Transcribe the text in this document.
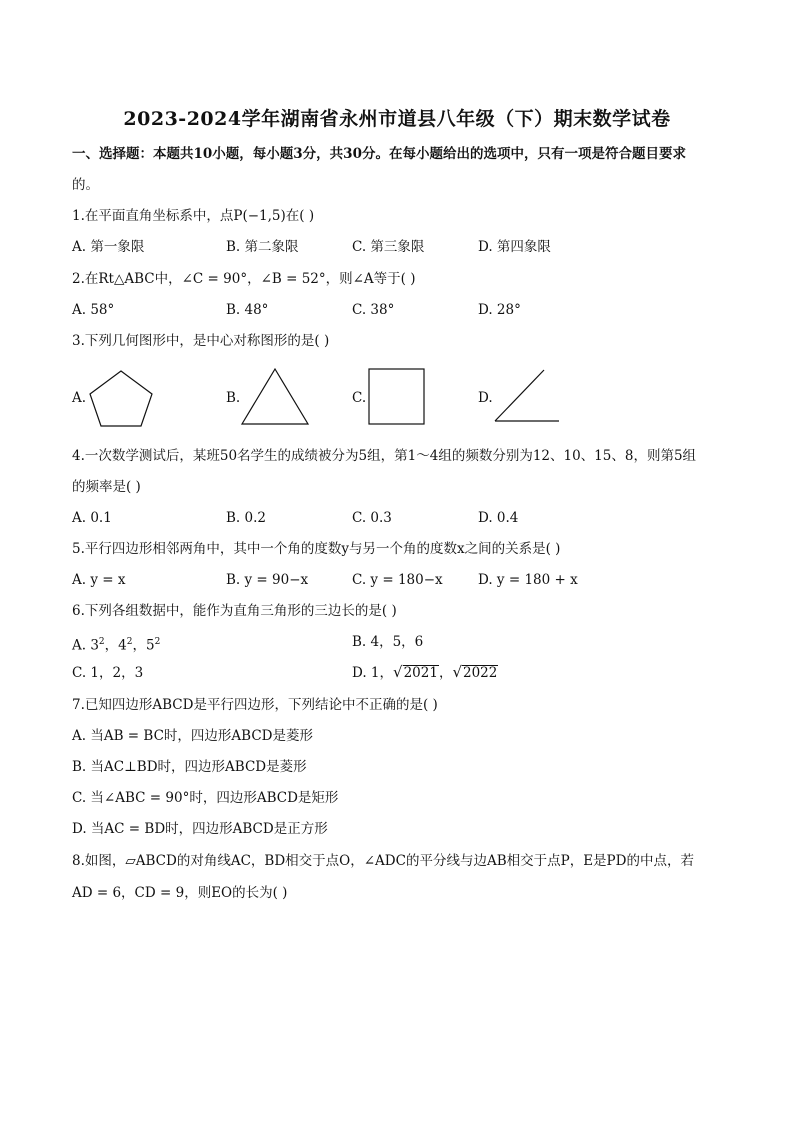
2023-2024学年湖南省永州市道县八年级（下）期末数学试卷
一、选择题：本题共10小题，每小题3分，共30分。在每小题给出的选项中，只有一项是符合题目要求
的。
1.在平面直角坐标系中，点P(−1,5)在( )
A. 第一象限	B. 第二象限	C. 第三象限	D. 第四象限
2.在Rt△ABC中，∠C = 90°，∠B = 52°，则∠A等于( )
A. 58°	B. 48°	C. 38°	D. 28°
3.下列几何图形中，是中心对称图形的是( )
A.	B.	C.	D.
4.一次数学测试后，某班50名学生的成绩被分为5组，第1～4组的频数分别为12、10、15、8，则第5组
的频率是( )
A. 0.1	B. 0.2	C. 0.3	D. 0.4
5.平行四边形相邻两角中，其中一个角的度数y与另一个角的度数x之间的关系是( )
A. y = x	B. y = 90−x	C. y = 180−x	D. y = 180 + x
6.下列各组数据中，能作为直角三角形的三边长的是( )
A. $3^2$，$4^2$，$5^2$	B. 4，5，6
C. 1，2，3	D. 1，√2021，√2022
7.已知四边形ABCD是平行四边形，下列结论中不正确的是( )
A. 当AB = BC时，四边形ABCD是菱形
B. 当AC⊥BD时，四边形ABCD是菱形
C. 当∠ABC = 90°时，四边形ABCD是矩形
D. 当AC = BD时，四边形ABCD是正方形
8.如图，▱ABCD的对角线AC，BD相交于点O，∠ADC的平分线与边AB相交于点P，E是PD的中点，若
AD = 6，CD = 9，则EO的长为( )
